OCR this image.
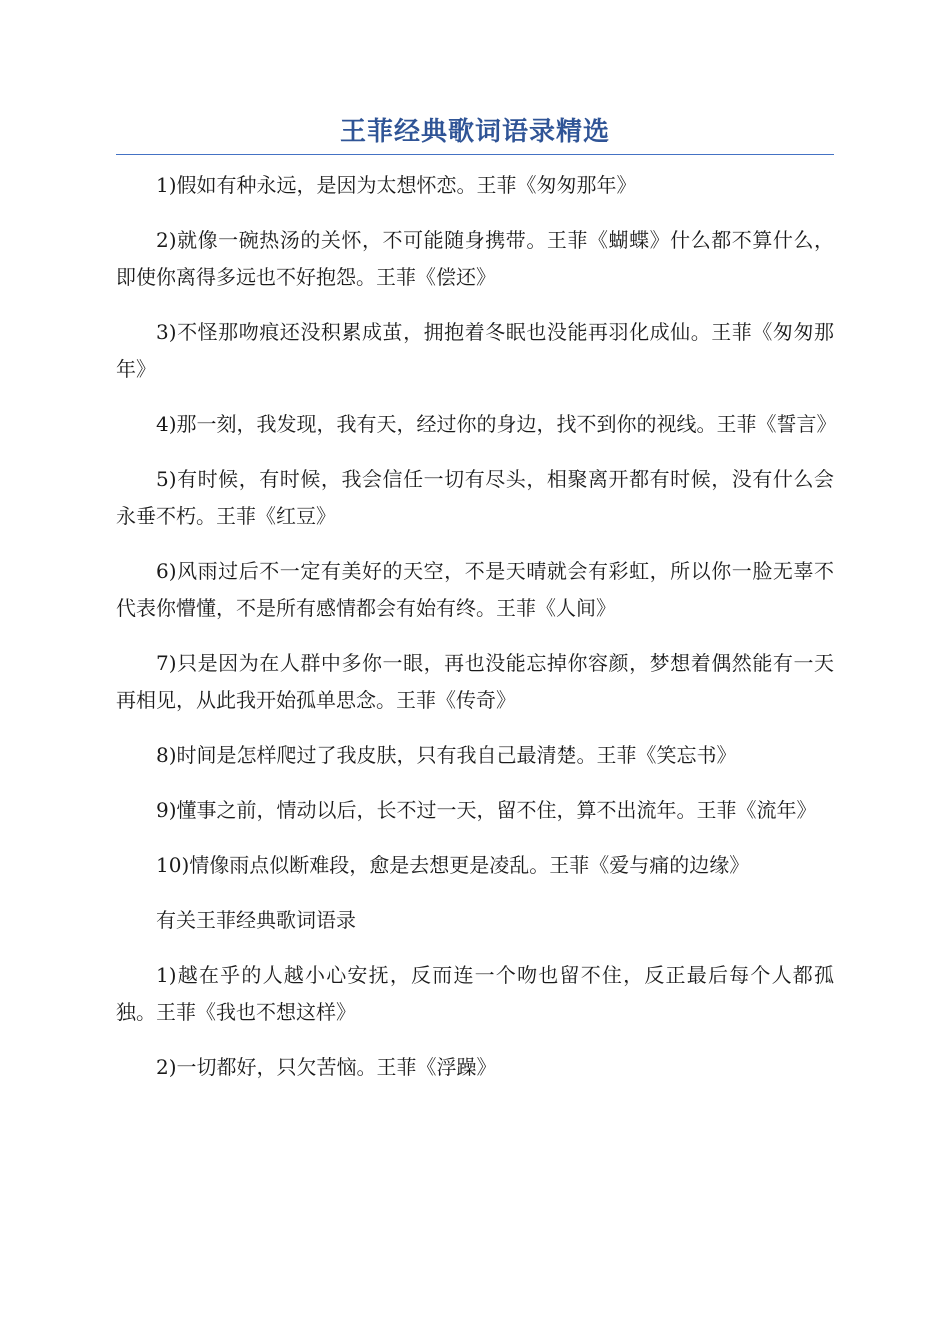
王菲经典歌词语录精选

1)假如有种永远，是因为太想怀恋。王菲《匆匆那年》

2)就像一碗热汤的关怀，不可能随身携带。王菲《蝴蝶》什么都不算什么，即使你离得多远也不好抱怨。王菲《偿还》

3)不怪那吻痕还没积累成茧，拥抱着冬眠也没能再羽化成仙。王菲《匆匆那年》

4)那一刻，我发现，我有天，经过你的身边，找不到你的视线。王菲《誓言》

5)有时候，有时候，我会信任一切有尽头，相聚离开都有时候，没有什么会永垂不朽。王菲《红豆》

6)风雨过后不一定有美好的天空，不是天晴就会有彩虹，所以你一脸无辜不代表你懵懂，不是所有感情都会有始有终。王菲《人间》

7)只是因为在人群中多你一眼，再也没能忘掉你容颜，梦想着偶然能有一天再相见，从此我开始孤单思念。王菲《传奇》

8)时间是怎样爬过了我皮肤，只有我自己最清楚。王菲《笑忘书》

9)懂事之前，情动以后，长不过一天，留不住，算不出流年。王菲《流年》

10)情像雨点似断难段，愈是去想更是凌乱。王菲《爱与痛的边缘》

有关王菲经典歌词语录

1)越在乎的人越小心安抚，反而连一个吻也留不住，反正最后每个人都孤独。王菲《我也不想这样》

2)一切都好，只欠苦恼。王菲《浮躁》
